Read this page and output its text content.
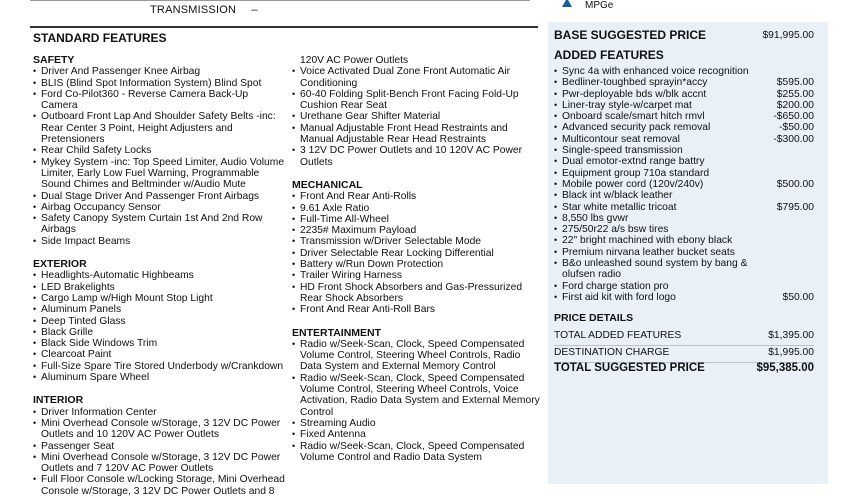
TRANSMISSION –	MPGe
STANDARD FEATURES

SAFETY

• Driver And Passenger Knee Airbag
• BLIS (Blind Spot Information System) Blind Spot
• Ford Co-Pilot360 - Reverse Camera Back-Up Camera
• Outboard Front Lap And Shoulder Safety Belts -inc: Rear Center 3 Point, Height Adjusters and Pretensioners
• Rear Child Safety Locks
• Mykey System -inc: Top Speed Limiter, Audio Volume Limiter, Early Low Fuel Warning, Programmable Sound Chimes and Beltminder w/Audio Mute
• Dual Stage Driver And Passenger Front Airbags
• Airbag Occupancy Sensor
• Safety Canopy System Curtain 1st And 2nd Row Airbags
• Side Impact Beams

EXTERIOR

• Headlights-Automatic Highbeams
• LED Brakelights
• Cargo Lamp w/High Mount Stop Light
• Aluminum Panels
• Deep Tinted Glass
• Black Grille
• Black Side Windows Trim
• Clearcoat Paint
• Full-Size Spare Tire Stored Underbody w/Crankdown
• Aluminum Spare Wheel

INTERIOR

• Driver Information Center
• Mini Overhead Console w/Storage, 3 12V DC Power Outlets and 10 120V AC Power Outlets
• Passenger Seat
• Mini Overhead Console w/Storage, 3 12V DC Power Outlets and 7 120V AC Power Outlets
• Full Floor Console w/Locking Storage, Mini Overhead Console w/Storage, 3 12V DC Power Outlets and 8
120V AC Power Outlets
• Voice Activated Dual Zone Front Automatic Air Conditioning
• 60-40 Folding Split-Bench Front Facing Fold-Up Cushion Rear Seat
• Urethane Gear Shifter Material
• Manual Adjustable Front Head Restraints and Manual Adjustable Rear Head Restraints
• 3 12V DC Power Outlets and 10 120V AC Power Outlets

MECHANICAL

• Front And Rear Anti-Rolls
• 9.61 Axle Ratio
• Full-Time All-Wheel
• 2235# Maximum Payload
• Transmission w/Driver Selectable Mode
• Driver Selectable Rear Locking Differential
• Battery w/Run Down Protection
• Trailer Wiring Harness
• HD Front Shock Absorbers and Gas-Pressurized Rear Shock Absorbers
• Front And Rear Anti-Roll Bars

ENTERTAINMENT

• Radio w/Seek-Scan, Clock, Speed Compensated Volume Control, Steering Wheel Controls, Radio Data System and External Memory Control
• Radio w/Seek-Scan, Clock, Speed Compensated Volume Control, Steering Wheel Controls, Voice Activation, Radio Data System and External Memory Control
• Streaming Audio
• Fixed Antenna
• Radio w/Seek-Scan, Clock, Speed Compensated Volume Control and Radio Data System
BASE SUGGESTED PRICE	$91,995.00
ADDED FEATURES
• Sync 4a with enhanced voice recognition
• Bedliner-toughbed sprayin*accy	$595.00
• Pwr-deployable bds w/blk accnt	$255.00
• Liner-tray style-w/carpet mat	$200.00
• Onboard scale/smart hitch rmvl	-$650.00
• Advanced security pack removal	-$50.00
• Multicontour seat removal	-$300.00
• Single-speed transmission
• Dual emotor-extnd range battry
• Equipment group 710a standard
• Mobile power cord (120v/240v)	$500.00
• Black int w/black leather
• Star white metallic tricoat	$795.00
• 8,550 lbs gvwr
• 275/50r22 a/s bsw tires
• 22" bright machined with ebony black
• Premium nirvana leather bucket seats
• B&o unleashed sound system by bang & olufsen radio
• Ford charge station pro
• First aid kit with ford logo	$50.00
PRICE DETAILS
TOTAL ADDED FEATURES	$1,395.00
DESTINATION CHARGE	$1,995.00
TOTAL SUGGESTED PRICE	$95,385.00
